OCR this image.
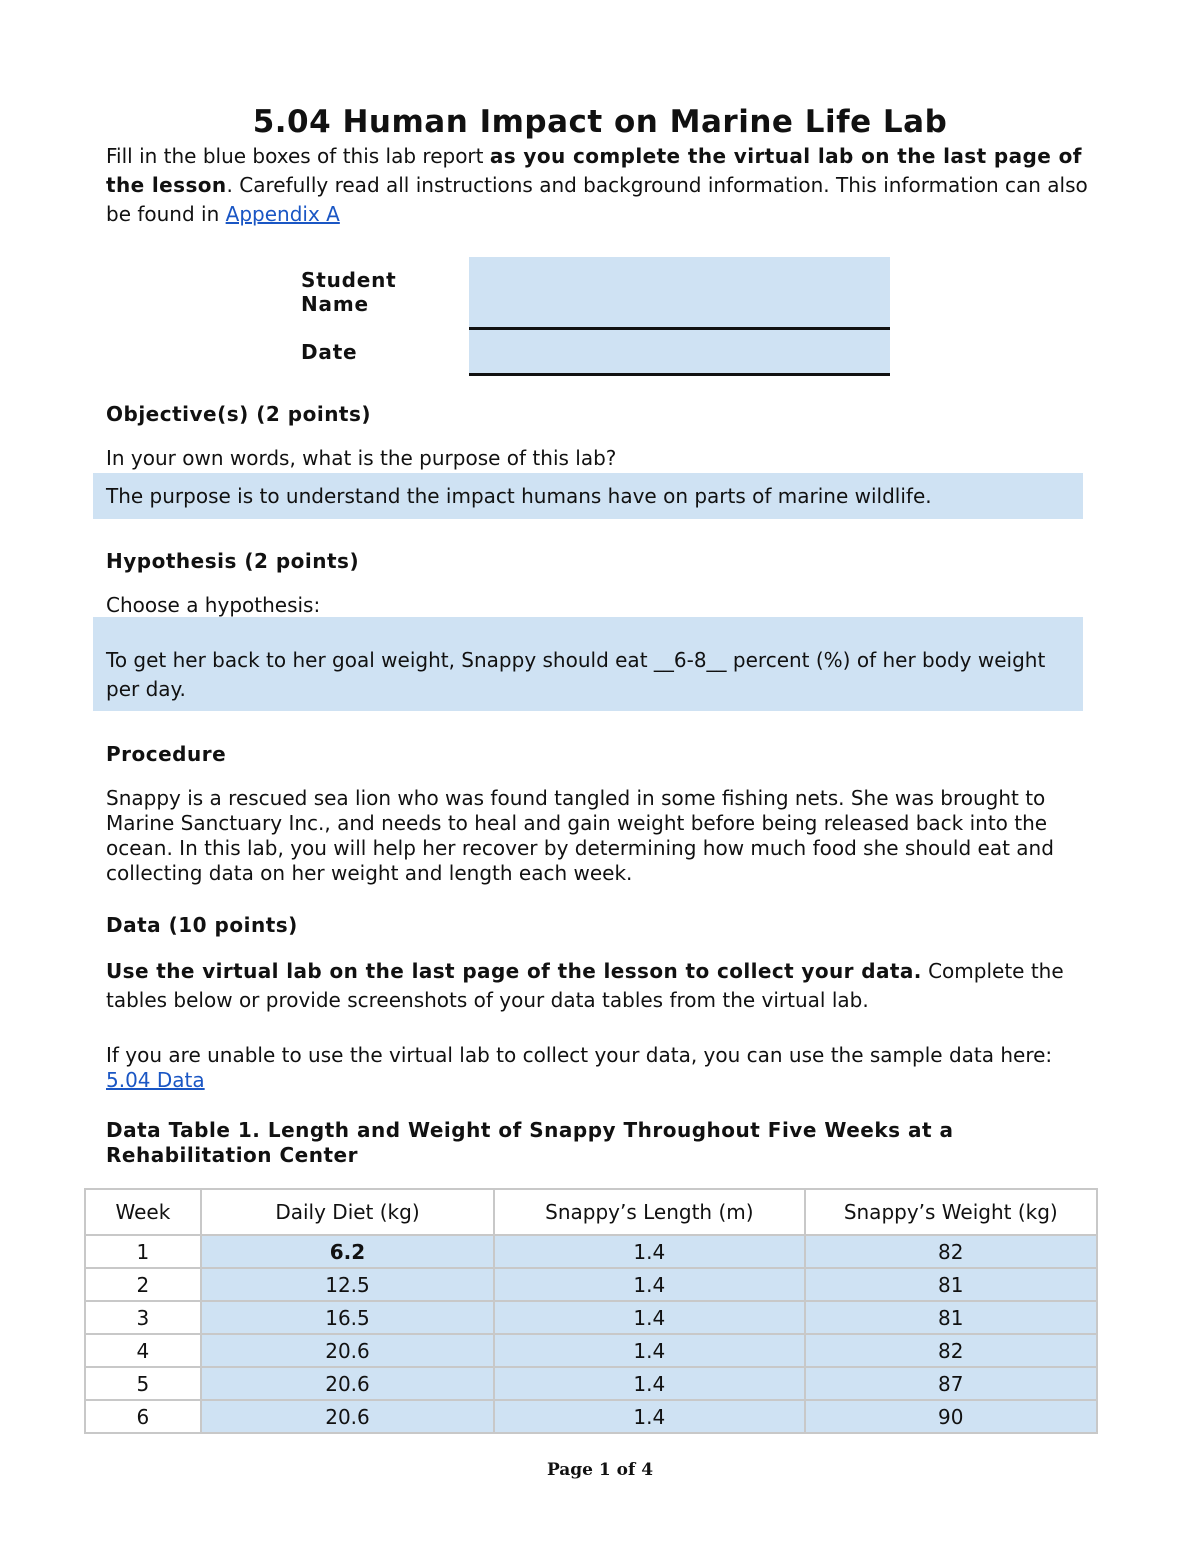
5.04 Human Impact on Marine Life Lab
Fill in the blue boxes of this lab report as you complete the virtual lab on the last page of the lesson. Carefully read all instructions and background information. This information can also be found in Appendix A
Student Name
Date
Objective(s) (2 points)
In your own words, what is the purpose of this lab?
The purpose is to understand the impact humans have on parts of marine wildlife.
Hypothesis (2 points)
Choose a hypothesis:
To get her back to her goal weight, Snappy should eat __6-8__ percent (%) of her body weight per day.
Procedure
Snappy is a rescued sea lion who was found tangled in some fishing nets. She was brought to Marine Sanctuary Inc., and needs to heal and gain weight before being released back into the ocean. In this lab, you will help her recover by determining how much food she should eat and collecting data on her weight and length each week.
Data (10 points)
Use the virtual lab on the last page of the lesson to collect your data. Complete the tables below or provide screenshots of your data tables from the virtual lab.
If you are unable to use the virtual lab to collect your data, you can use the sample data here: 5.04 Data
Data Table 1. Length and Weight of Snappy Throughout Five Weeks at a Rehabilitation Center
Week	Daily Diet (kg)	Snappy’s Length (m)	Snappy’s Weight (kg)
1	6.2	1.4	82
2	12.5	1.4	81
3	16.5	1.4	81
4	20.6	1.4	82
5	20.6	1.4	87
6	20.6	1.4	90
Page 1 of 4
